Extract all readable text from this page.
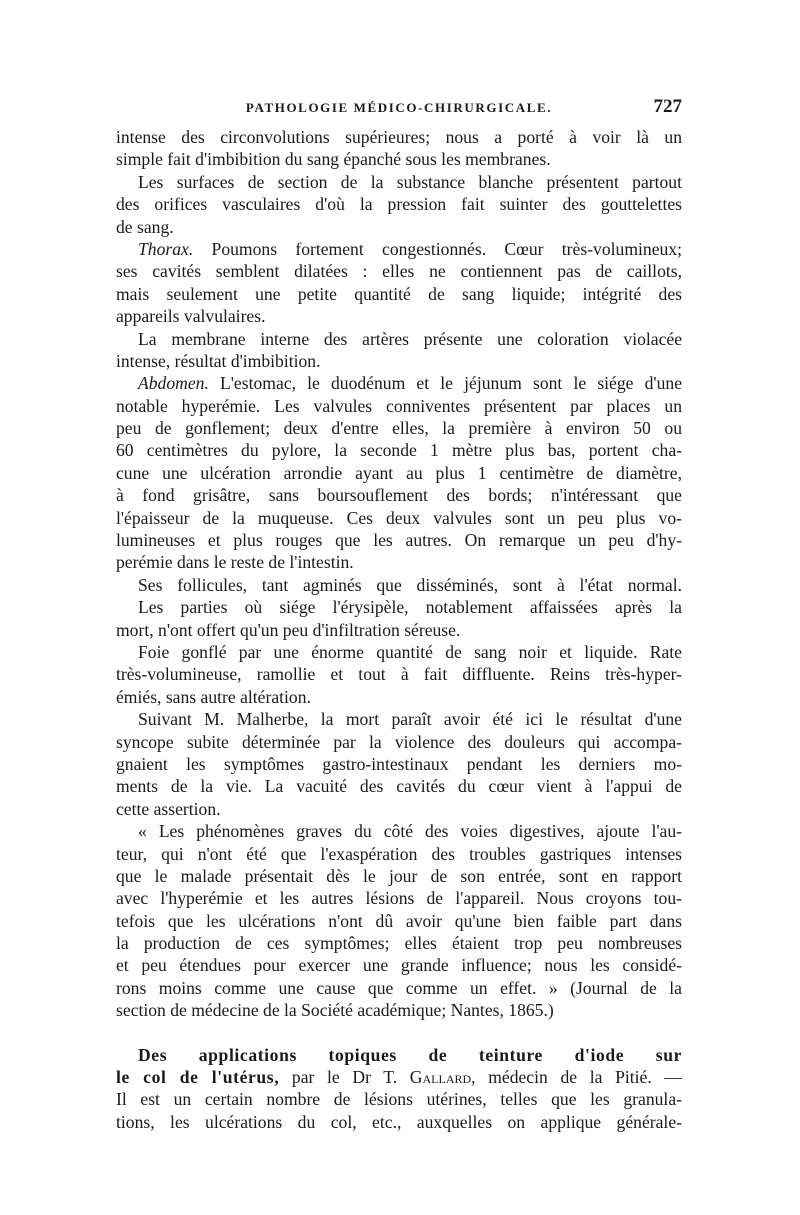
PATHOLOGIE MÉDICO-CHIRURGICALE.	727
intense des circonvolutions supérieures; nous a porté à voir là un
simple fait d'imbibition du sang épanché sous les membranes.
Les surfaces de section de la substance blanche présentent partout
des orifices vasculaires d'où la pression fait suinter des gouttelettes
de sang.
Thorax. Poumons fortement congestionnés. Cœur très-volumineux;
ses cavités semblent dilatées : elles ne contiennent pas de caillots,
mais seulement une petite quantité de sang liquide; intégrité des
appareils valvulaires.
La membrane interne des artères présente une coloration violacée
intense, résultat d'imbibition.
Abdomen. L'estomac, le duodénum et le jéjunum sont le siége d'une
notable hyperémie. Les valvules conniventes présentent par places un
peu de gonflement; deux d'entre elles, la première à environ 50 ou
60 centimètres du pylore, la seconde 1 mètre plus bas, portent cha-
cune une ulcération arrondie ayant au plus 1 centimètre de diamètre,
à fond grisâtre, sans boursouflement des bords; n'intéressant que
l'épaisseur de la muqueuse. Ces deux valvules sont un peu plus vo-
lumineuses et plus rouges que les autres. On remarque un peu d'hy-
perémie dans le reste de l'intestin.
Ses follicules, tant agminés que disséminés, sont à l'état normal.
Les parties où siége l'érysipèle, notablement affaissées après la
mort, n'ont offert qu'un peu d'infiltration séreuse.
Foie gonflé par une énorme quantité de sang noir et liquide. Rate
très-volumineuse, ramollie et tout à fait diffluente. Reins très-hyper-
émiés, sans autre altération.
Suivant M. Malherbe, la mort paraît avoir été ici le résultat d'une
syncope subite déterminée par la violence des douleurs qui accompa-
gnaient les symptômes gastro-intestinaux pendant les derniers mo-
ments de la vie. La vacuité des cavités du cœur vient à l'appui de
cette assertion.
« Les phénomènes graves du côté des voies digestives, ajoute l'au-
teur, qui n'ont été que l'exaspération des troubles gastriques intenses
que le malade présentait dès le jour de son entrée, sont en rapport
avec l'hyperémie et les autres lésions de l'appareil. Nous croyons tou-
tefois que les ulcérations n'ont dû avoir qu'une bien faible part dans
la production de ces symptômes; elles étaient trop peu nombreuses
et peu étendues pour exercer une grande influence; nous les considé-
rons moins comme une cause que comme un effet. » (Journal de la
section de médecine de la Société académique; Nantes, 1865.)
Des applications topiques de teinture d'iode sur
le col de l'utérus, par le Dr T. Gallard, médecin de la Pitié. —
Il est un certain nombre de lésions utérines, telles que les granula-
tions, les ulcérations du col, etc., auxquelles on applique générale-
